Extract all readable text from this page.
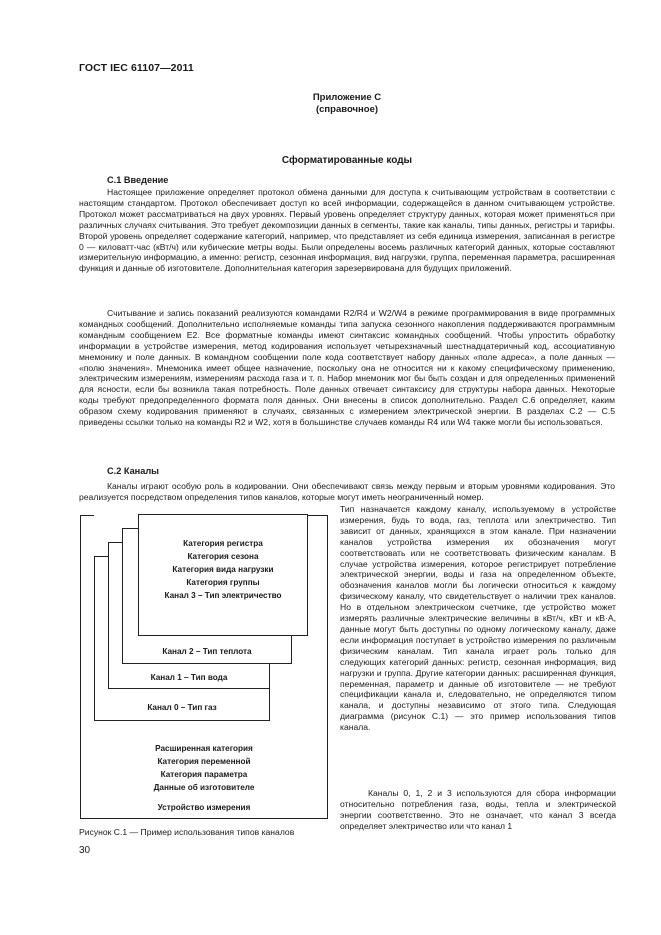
ГОСТ IEC 61107—2011
Приложение С
(справочное)
Сформатированные коды
С.1 Введение

Настоящее приложение определяет протокол обмена данными для доступа к считывающим устройствам в соответствии с настоящим стандартом. Протокол обеспечивает доступ ко всей информации, содержащейся в данном считывающем устройстве. Протокол может рассматриваться на двух уровнях. Первый уровень определяет структуру данных, которая может применяться при различных случаях считывания. Это требует декомпозиции данных в сегменты, такие как каналы, типы данных, регистры и тарифы. Второй уровень определяет содержание категорий, например, что представляет из себя единица измерения, записанная в регистре 0 — киловатт-час (кВт/ч) или кубические метры воды. Были определены восемь различных категорий данных, которые составляют измерительную информацию, а именно: регистр, сезонная информация, вид нагрузки, группа, переменная параметра, расширенная функция и данные об изготовителе. Дополнительная категория зарезервирована для будущих приложений.

Считывание и запись показаний реализуются командами R2/R4 и W2/W4 в режиме программирования в виде программных командных сообщений. Дополнительно исполняемые команды типа запуска сезонного накопления поддерживаются программным командным сообщением E2. Все форматные команды имеют синтаксис командных сообщений. Чтобы упростить обработку информации в устройстве измерения, метод кодирования использует четырехзначный шестнадцатеричный код, ассоциативную мнемонику и поле данных. В командном сообщении поле кода соответствует набору данных «поле адреса», а поле данных — «полю значения». Мнемоника имеет общее назначение, поскольку она не относится ни к какому специфическому применению, электрическим измерениям, измерениям расхода газа и т. п. Набор мнемоник мог бы быть создан и для определенных применений для ясности, если бы возникла такая потребность. Поле данных отвечает синтаксису для структуры набора данных. Некоторые коды требуют предопределенного формата поля данных. Они внесены в список дополнительно. Раздел С.6 определяет, каким образом схему кодирования применяют в случаях, связанных с измерением электрической энергии. В разделах С.2 — С.5 приведены ссылки только на команды R2 и W2, хотя в большинстве случаев команды R4 или W4 также могли бы использоваться.

С.2 Каналы

Каналы играют особую роль в кодировании. Они обеспечивают связь между первым и вторым уровнями кодирования. Это реализуется посредством определения типов каналов, которые могут иметь неограниченный номер.

Расширенная категория
Категория переменной
Категория параметра
Данные об изготовителе
Устройство измерения
Канал 0 – Тип газ
Канал 1 – Тип вода
Канал 2 – Тип теплота
Категория регистра
Категория сезона
Категория вида нагрузки
Категория группы
Канал 3 – Тип электричество

Тип назначается каждому каналу, используемому в устройстве измерения, будь то вода, газ, теплота или электричество. Тип зависит от данных, хранящихся в этом канале. При назначении каналов устройства измерения их обозначения могут соответствовать или не соответствовать физическим каналам. В случае устройства измерения, которое регистрирует потребление электрической энергии, воды и газа на определенном объекте, обозначения каналов могли бы логически относиться к каждому физическому каналу, что свидетельствует о наличии трех каналов. Но в отдельном электрическом счетчике, где устройство может измерять различные электрические величины в кВт/ч, кВт и кВ·А, данные могут быть доступны по одному логическому каналу, даже если информация поступает в устройство измерения по различным физическим каналам. Тип канала играет роль только для следующих категорий данных: регистр, сезонная информация, вид нагрузки и группа. Другие категории данных: расширенная функция, переменная, параметр и данные об изготовителе — не требуют спецификации канала и, следовательно, не определяются типом канала, и доступны независимо от этого типа. Следующая диаграмма (рисунок С.1) — это пример использования типов канала.

Каналы 0, 1, 2 и 3 используются для сбора информации относительно потребления газа, воды, тепла и электрической энергии соответственно. Это не означает, что канал 3 всегда определяет электричество или что канал 1

Рисунок С.1 — Пример использования типов каналов
30
